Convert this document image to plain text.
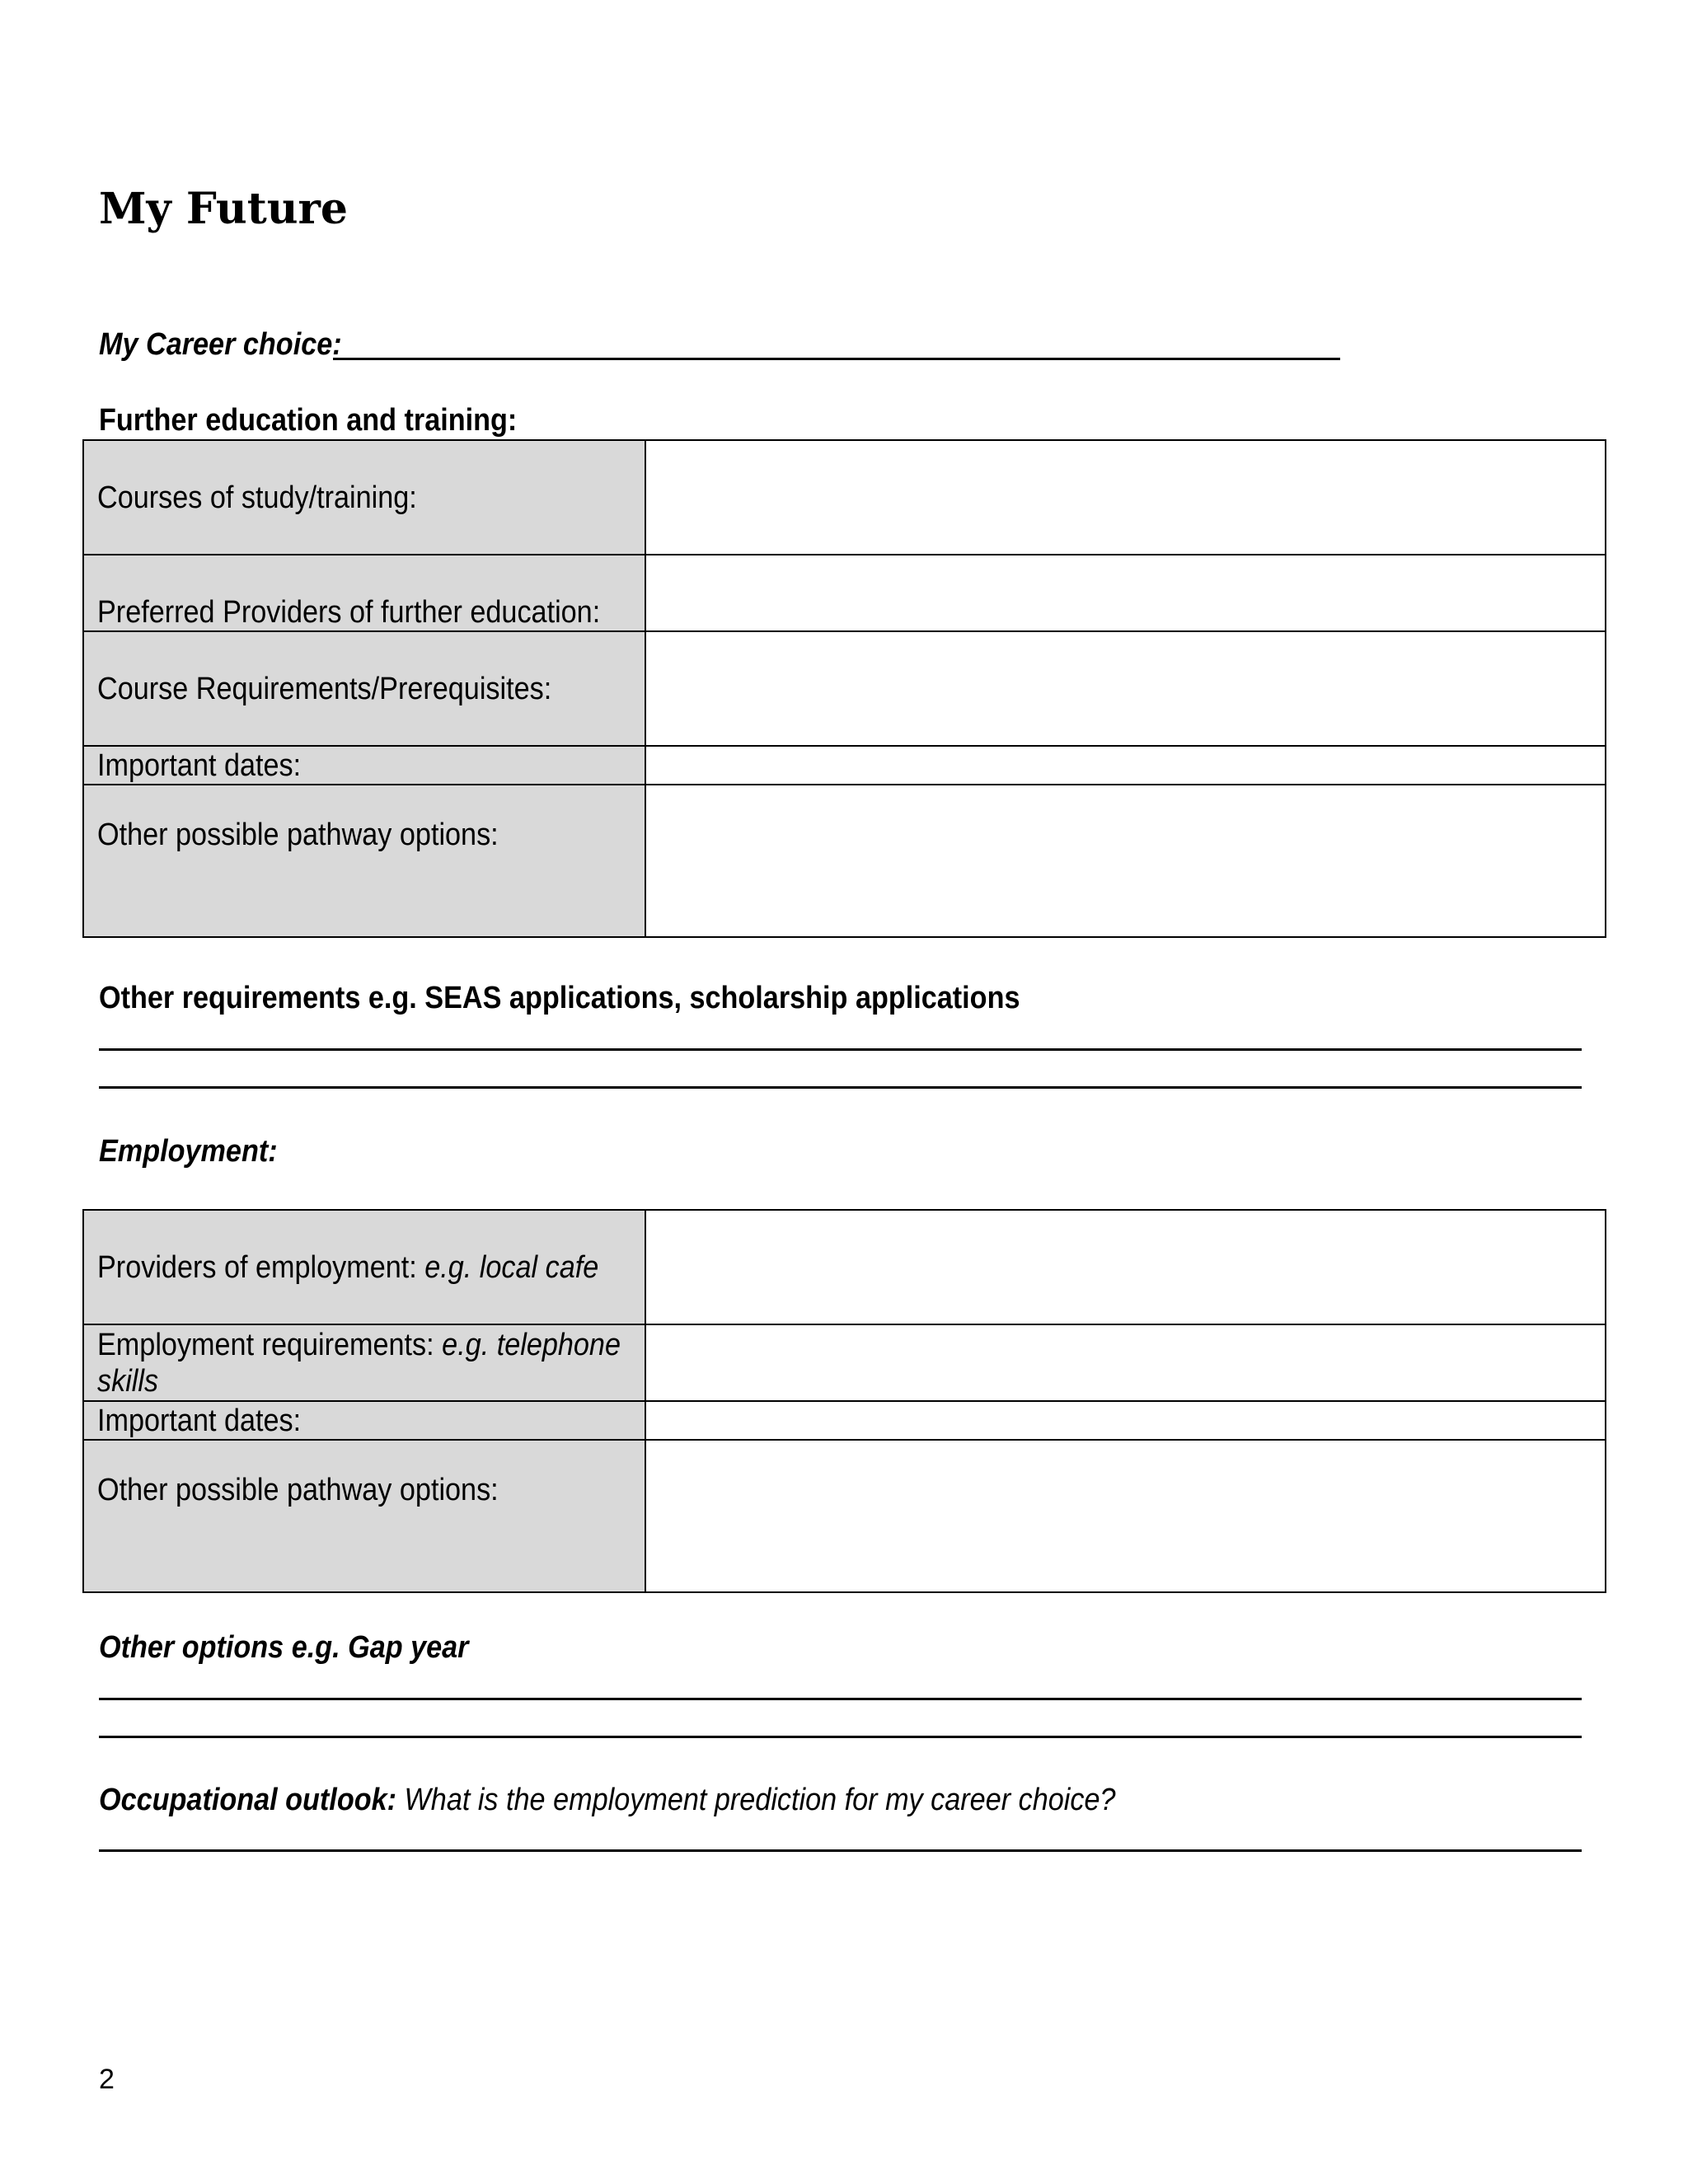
My Future
My Career choice:
Further education and training:
Courses of study/training:	
Preferred Providers of further education:	
Course Requirements/Prerequisites:	
Important dates:	
Other possible pathway options:	
Other requirements e.g. SEAS applications, scholarship applications
Employment:
Providers of employment: e.g. local cafe	
Employment requirements: e.g. telephone skills	
Important dates:	
Other possible pathway options:	
Other options e.g. Gap year
Occupational outlook: What is the employment prediction for my career choice?
2
